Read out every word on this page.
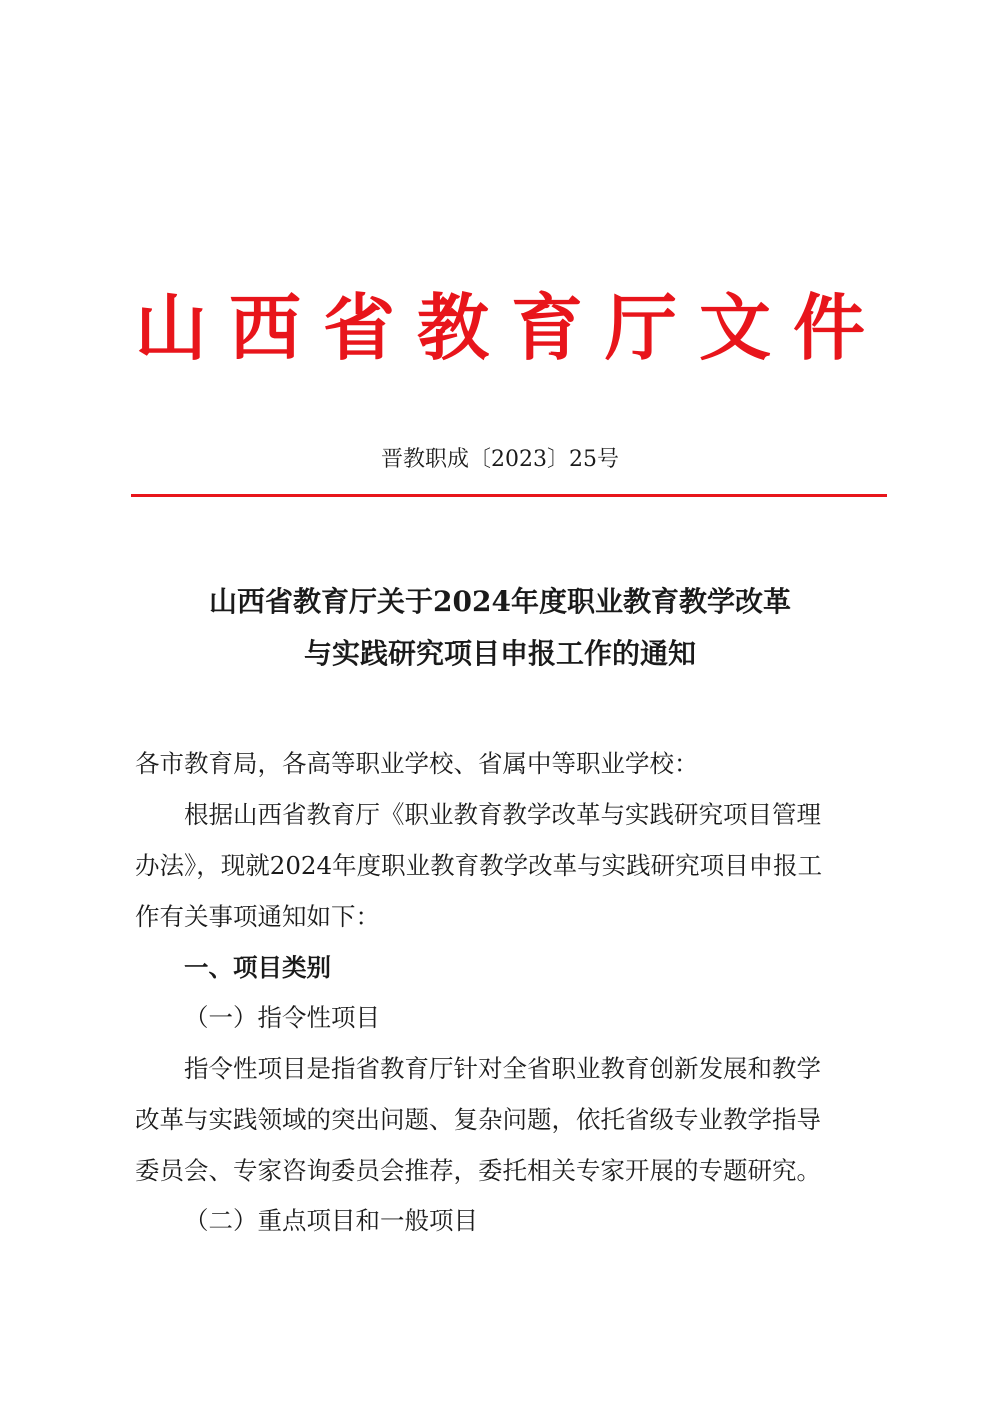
山西省教育厅文件
晋教职成〔2023〕25号
山西省教育厅关于2024年度职业教育教学改革
与实践研究项目申报工作的通知
各市教育局，各高等职业学校、省属中等职业学校：
根据山西省教育厅《职业教育教学改革与实践研究项目管理
办法》，现就2024年度职业教育教学改革与实践研究项目申报工
作有关事项通知如下：
一、项目类别
（一）指令性项目
指令性项目是指省教育厅针对全省职业教育创新发展和教学
改革与实践领域的突出问题、复杂问题，依托省级专业教学指导
委员会、专家咨询委员会推荐，委托相关专家开展的专题研究。
（二）重点项目和一般项目
